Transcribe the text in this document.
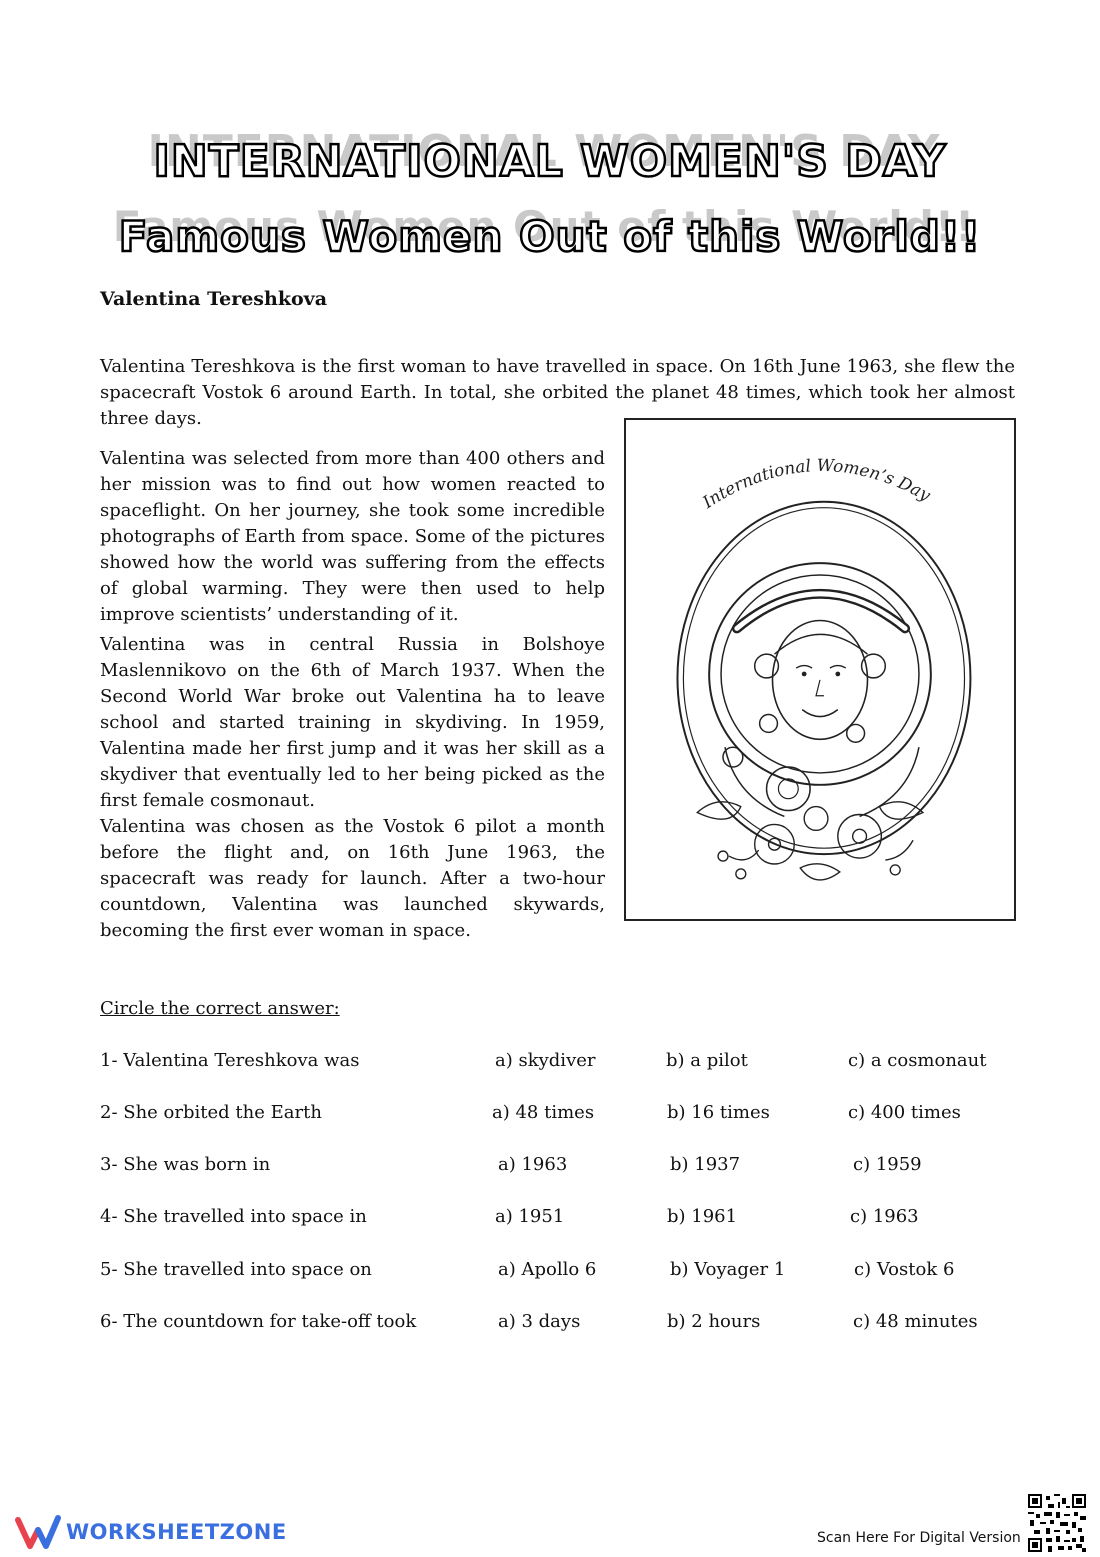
INTERNATIONAL WOMEN'S DAY
Famous Women Out of this World!!
Valentina Tereshkova

Valentina Tereshkova is the first woman to have travelled in space. On 16th June 1963, she flew the spacecraft Vostok 6 around Earth. In total, she orbited the planet 48 times, which took her almost three days.

Valentina was selected from more than 400 others and her mission was to find out how women reacted to spaceflight. On her journey, she took some incredible photographs of Earth from space. Some of the pictures showed how the world was suffering from the effects of global warming. They were then used to help improve scientists’ understanding of it.

Valentina was in central Russia in Bolshoye Maslennikovo on the 6th of March 1937. When the Second World War broke out Valentina ha to leave school and started training in skydiving. In 1959, Valentina made her first jump and it was her skill as a skydiver that eventually led to her being picked as the first female cosmonaut.

Valentina was chosen as the Vostok 6 pilot a month before the flight and, on 16th June 1963, the spacecraft was ready for launch. After a two-hour countdown, Valentina was launched skywards, becoming the first ever woman in space.

International Women’s Day
Circle the correct answer:
1- Valentina Tereshkova was	a) skydiver	b) a pilot	c) a cosmonaut
2- She orbited the Earth	a) 48 times	b) 16 times	c) 400 times
3- She was born in	a) 1963	b) 1937	c) 1959
4- She travelled into space in	a) 1951	b) 1961	c) 1963
5- She travelled into space on	a) Apollo 6	b) Voyager 1	c) Vostok 6
6- The countdown for take-off took	a) 3 days	b) 2 hours	c) 48 minutes
WORKSHEETZONE	Scan Here For Digital Version
